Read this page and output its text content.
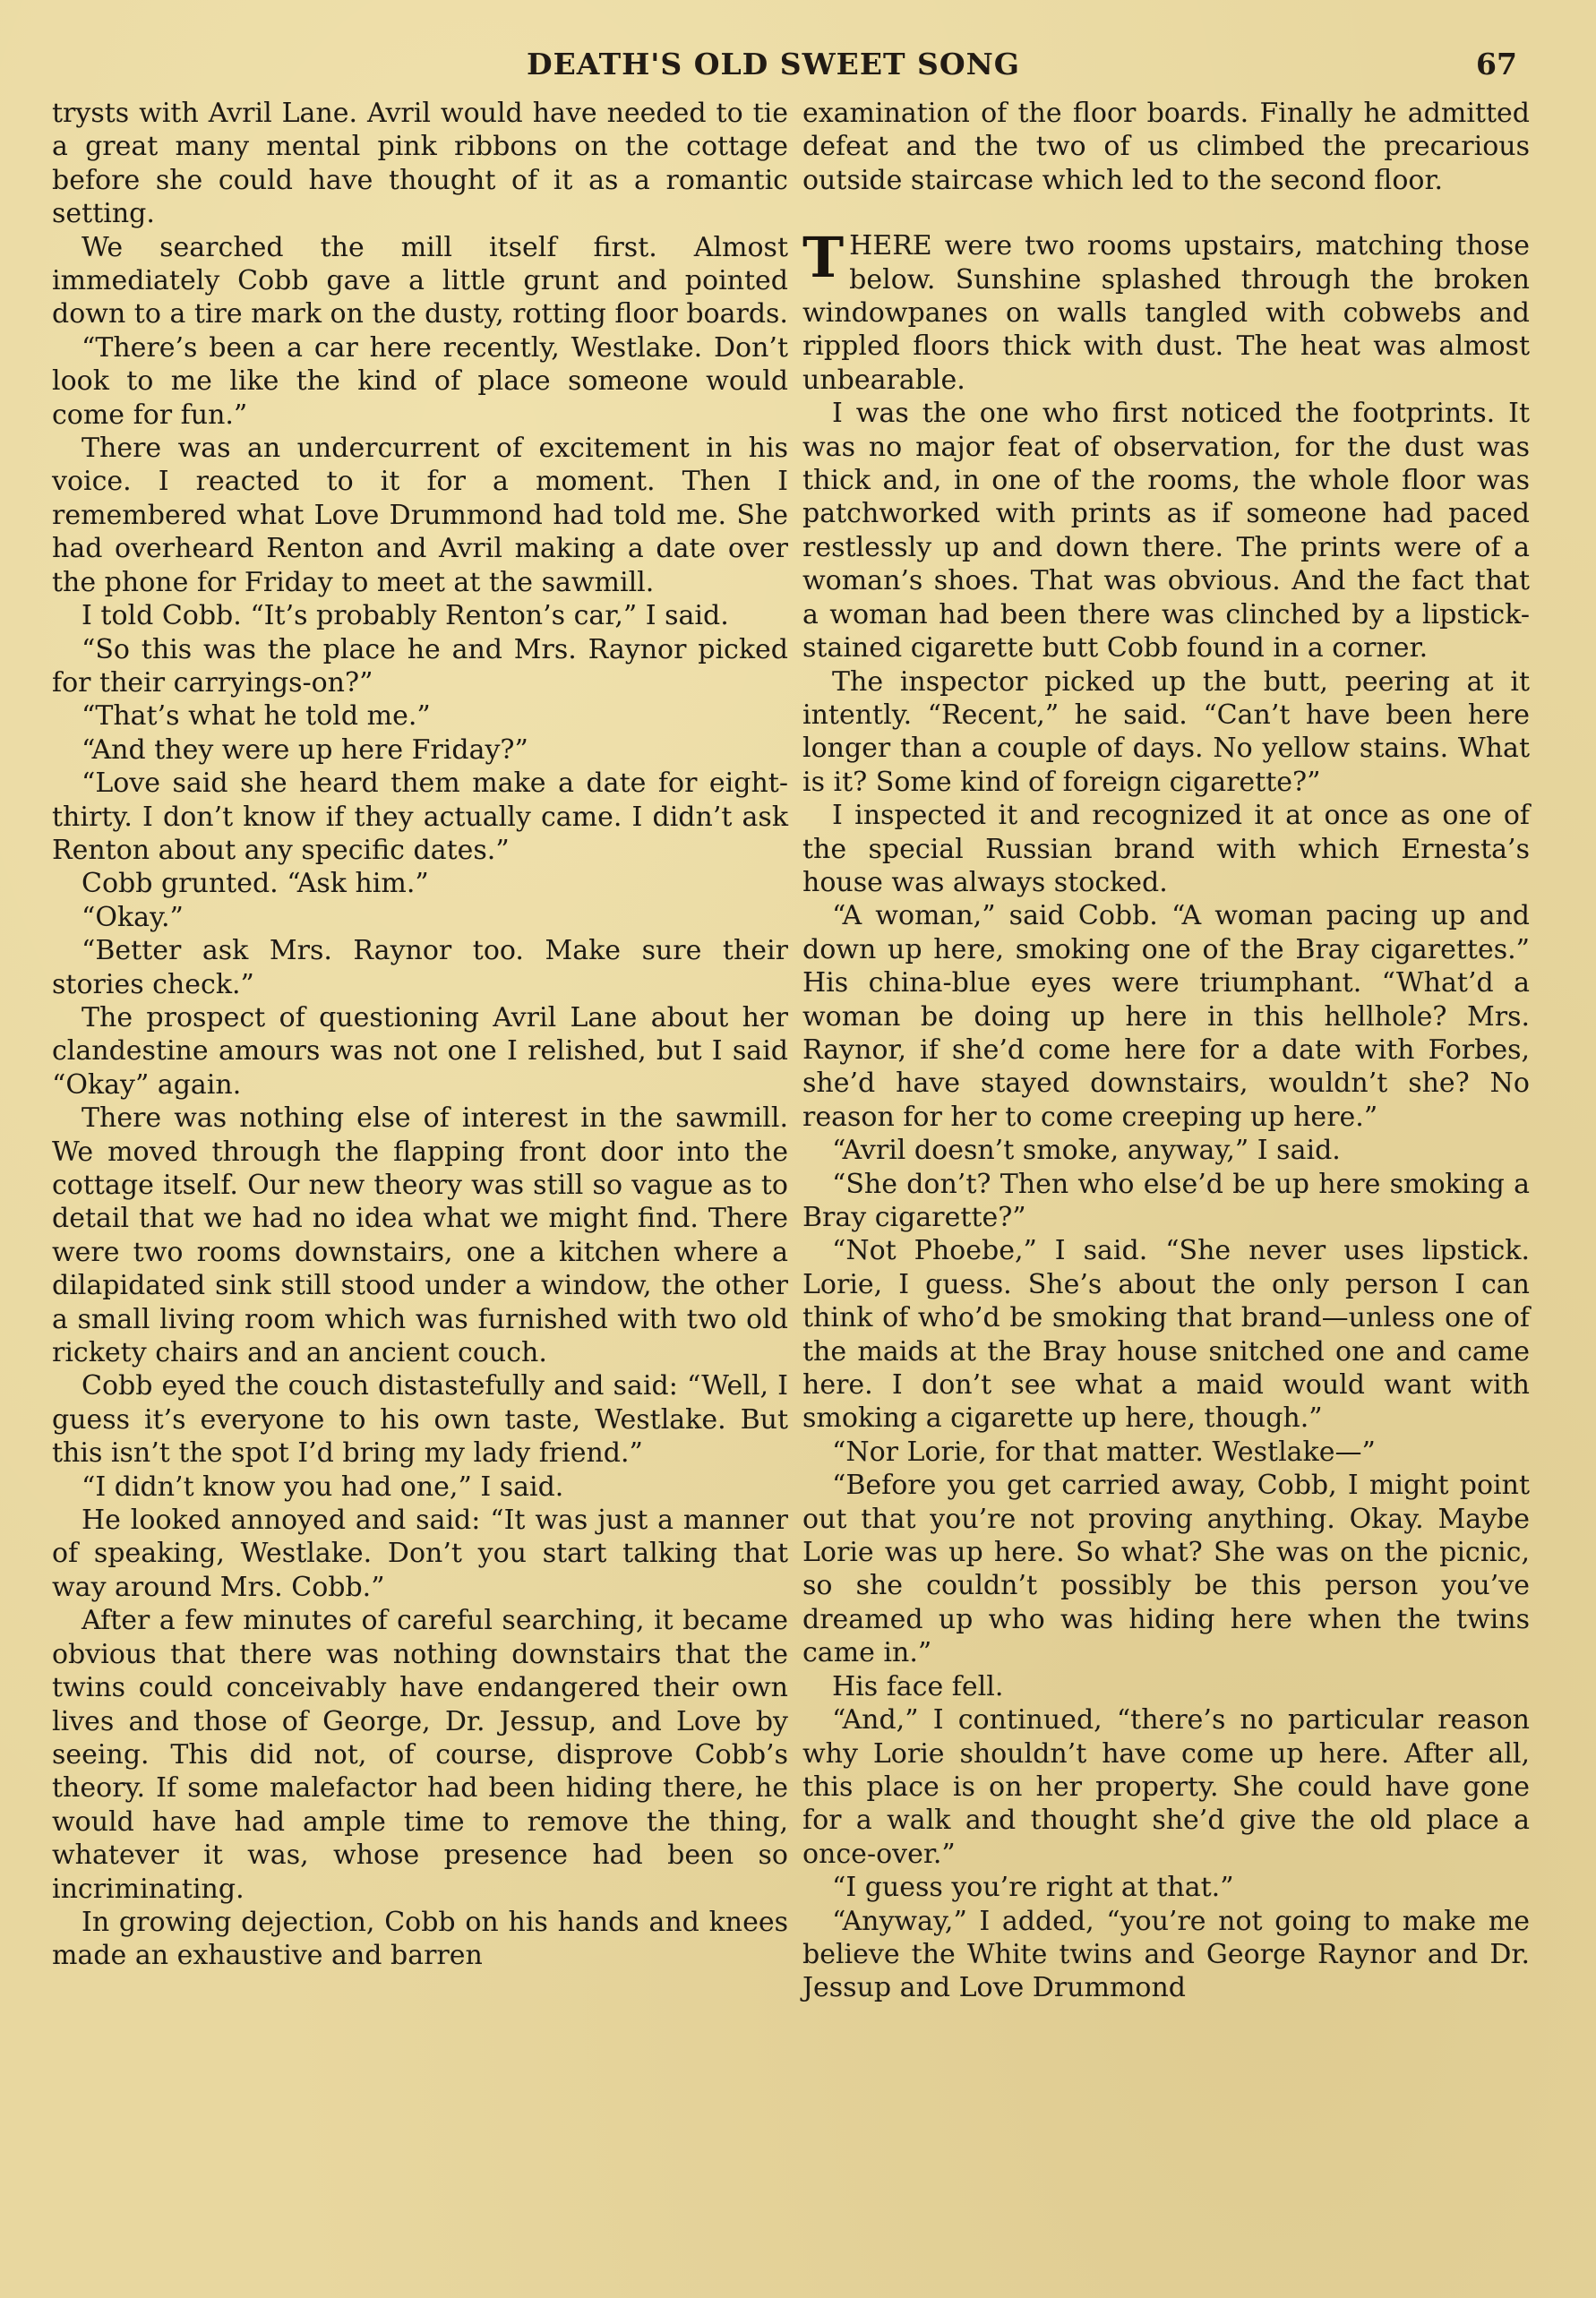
DEATH'S OLD SWEET SONG	67

trysts with Avril Lane. Avril would have needed to tie a great many mental pink ribbons on the cottage before she could have thought of it as a romantic setting.

We searched the mill itself first. Almost immediately Cobb gave a little grunt and pointed down to a tire mark on the dusty, rotting floor boards.

“There’s been a car here recently, Westlake. Don’t look to me like the kind of place someone would come for fun.”

There was an undercurrent of excitement in his voice. I reacted to it for a moment. Then I remembered what Love Drummond had told me. She had overheard Renton and Avril making a date over the phone for Friday to meet at the sawmill.

I told Cobb. “It’s probably Renton’s car,” I said.

“So this was the place he and Mrs. Raynor picked for their carryings-on?”

“That’s what he told me.”

“And they were up here Friday?”

“Love said she heard them make a date for eight-thirty. I don’t know if they actually came. I didn’t ask Renton about any specific dates.”

Cobb grunted. “Ask him.”

“Okay.”

“Better ask Mrs. Raynor too. Make sure their stories check.”

The prospect of questioning Avril Lane about her clandestine amours was not one I relished, but I said “Okay” again.

There was nothing else of interest in the sawmill. We moved through the flapping front door into the cottage itself. Our new theory was still so vague as to detail that we had no idea what we might find. There were two rooms downstairs, one a kitchen where a dilapidated sink still stood under a window, the other a small living room which was furnished with two old rickety chairs and an ancient couch.

Cobb eyed the couch distastefully and said: “Well, I guess it’s everyone to his own taste, Westlake. But this isn’t the spot I’d bring my lady friend.”

“I didn’t know you had one,” I said.

He looked annoyed and said: “It was just a manner of speaking, Westlake. Don’t you start talking that way around Mrs. Cobb.”

After a few minutes of careful searching, it became obvious that there was nothing downstairs that the twins could conceivably have endangered their own lives and those of George, Dr. Jessup, and Love by seeing. This did not, of course, disprove Cobb’s theory. If some malefactor had been hiding there, he would have had ample time to remove the thing, whatever it was, whose presence had been so incriminating.

In growing dejection, Cobb on his hands and knees made an exhaustive and barren

examination of the floor boards. Finally he admitted defeat and the two of us climbed the precarious outside staircase which led to the second floor.

THERE were two rooms upstairs, matching those below. Sunshine splashed through the broken windowpanes on walls tangled with cobwebs and rippled floors thick with dust. The heat was almost unbearable.

I was the one who first noticed the footprints. It was no major feat of observation, for the dust was thick and, in one of the rooms, the whole floor was patchworked with prints as if someone had paced restlessly up and down there. The prints were of a woman’s shoes. That was obvious. And the fact that a woman had been there was clinched by a lipstick-stained cigarette butt Cobb found in a corner.

The inspector picked up the butt, peering at it intently. “Recent,” he said. “Can’t have been here longer than a couple of days. No yellow stains. What is it? Some kind of foreign cigarette?”

I inspected it and recognized it at once as one of the special Russian brand with which Ernesta’s house was always stocked.

“A woman,” said Cobb. “A woman pacing up and down up here, smoking one of the Bray cigarettes.” His china-blue eyes were triumphant. “What’d a woman be doing up here in this hellhole? Mrs. Raynor, if she’d come here for a date with Forbes, she’d have stayed downstairs, wouldn’t she? No reason for her to come creeping up here.”

“Avril doesn’t smoke, anyway,” I said.

“She don’t? Then who else’d be up here smoking a Bray cigarette?”

“Not Phoebe,” I said. “She never uses lipstick. Lorie, I guess. She’s about the only person I can think of who’d be smoking that brand—unless one of the maids at the Bray house snitched one and came here. I don’t see what a maid would want with smoking a cigarette up here, though.”

“Nor Lorie, for that matter. Westlake—”

“Before you get carried away, Cobb, I might point out that you’re not proving anything. Okay. Maybe Lorie was up here. So what? She was on the picnic, so she couldn’t possibly be this person you’ve dreamed up who was hiding here when the twins came in.”

His face fell.

“And,” I continued, “there’s no particular reason why Lorie shouldn’t have come up here. After all, this place is on her property. She could have gone for a walk and thought she’d give the old place a once-over.”

“I guess you’re right at that.”

“Anyway,” I added, “you’re not going to make me believe the White twins and George Raynor and Dr. Jessup and Love Drummond
